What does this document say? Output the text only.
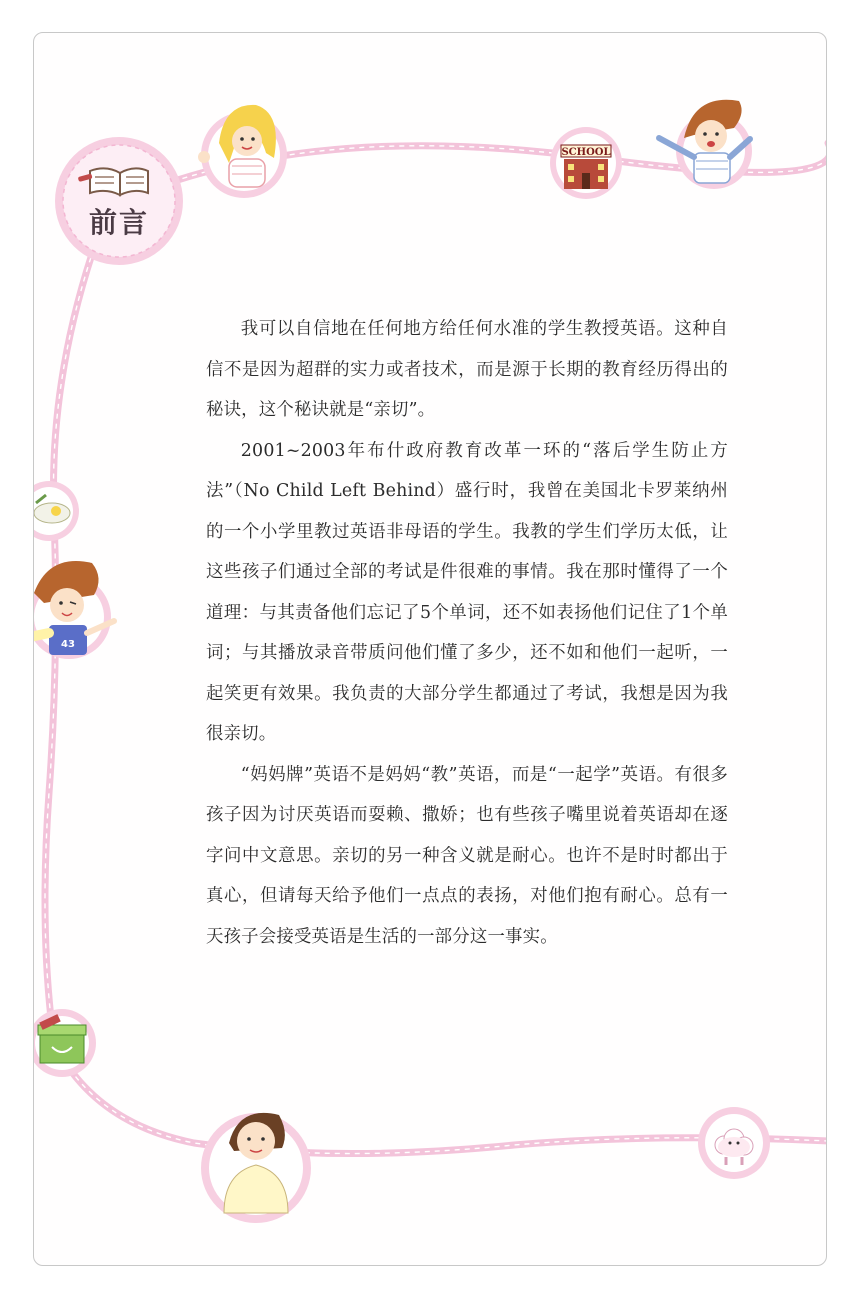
SCHOOL
43
前言

我可以自信地在任何地方给任何水准的学生教授英语。这种自信不是因为超群的实力或者技术，而是源于长期的教育经历得出的秘诀，这个秘诀就是“亲切”。

2001~2003年布什政府教育改革一环的“落后学生防止方法”（No Child Left Behind）盛行时，我曾在美国北卡罗莱纳州的一个小学里教过英语非母语的学生。我教的学生们学历太低，让这些孩子们通过全部的考试是件很难的事情。我在那时懂得了一个道理：与其责备他们忘记了5个单词，还不如表扬他们记住了1个单词；与其播放录音带质问他们懂了多少，还不如和他们一起听，一起笑更有效果。我负责的大部分学生都通过了考试，我想是因为我很亲切。

“妈妈牌”英语不是妈妈“教”英语，而是“一起学”英语。有很多孩子因为讨厌英语而耍赖、撒娇；也有些孩子嘴里说着英语却在逐字问中文意思。亲切的另一种含义就是耐心。也许不是时时都出于真心，但请每天给予他们一点点的表扬，对他们抱有耐心。总有一天孩子会接受英语是生活的一部分这一事实。
